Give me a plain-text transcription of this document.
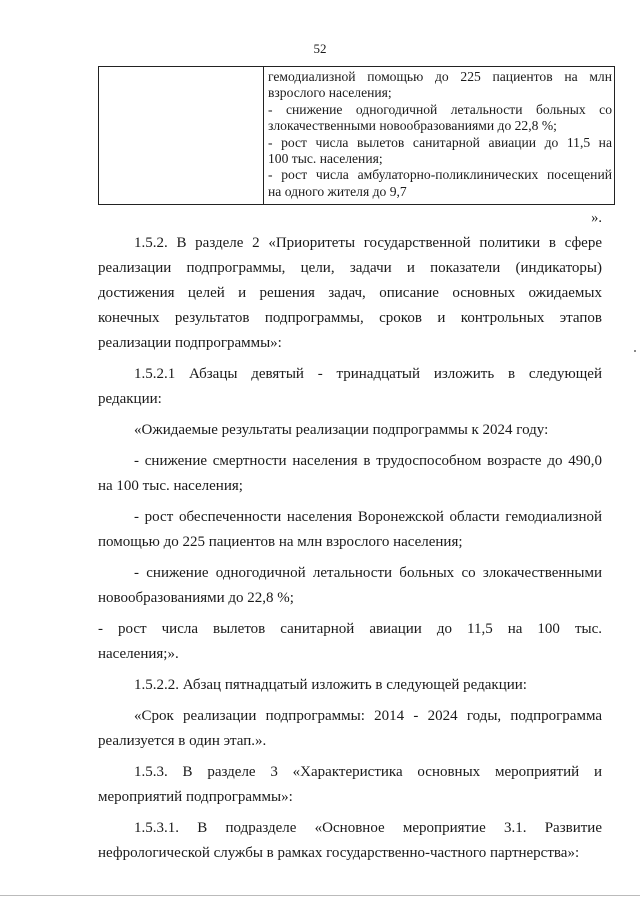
52

гемодиализной помощью до 225 пациентов на млн
взрослого населения;
- снижение одногодичной летальности больных со
злокачественными новообразованиями до 22,8 %;
- рост числа вылетов санитарной авиации до 11,5 на
100 тыс. населения;
- рост числа амбулаторно-поликлинических посещений
на одного жителя до 9,7
».

1.5.2. В разделе 2 «Приоритеты государственной политики в сфере
реализации подпрограммы, цели, задачи и показатели (индикаторы)
достижения целей и решения задач, описание основных ожидаемых
конечных результатов подпрограммы, сроков и контрольных этапов
реализации подпрограммы»:

1.5.2.1 Абзацы девятый - тринадцатый изложить в следующей
редакции:

«Ожидаемые результаты реализации подпрограммы к 2024 году:

- снижение смертности населения в трудоспособном возрасте до 490,0
на 100 тыс. населения;

- рост обеспеченности населения Воронежской области гемодиализной
помощью до 225 пациентов на млн взрослого населения;

- снижение одногодичной летальности больных со злокачественными
новообразованиями до 22,8 %;

- рост числа вылетов санитарной авиации до 11,5 на 100 тыс.
населения;».

1.5.2.2. Абзац пятнадцатый изложить в следующей редакции:

«Срок реализации подпрограммы: 2014 - 2024 годы, подпрограмма
реализуется в один этап.».

1.5.3. В разделе 3 «Характеристика основных мероприятий и
мероприятий подпрограммы»:

1.5.3.1. В подразделе «Основное мероприятие 3.1. Развитие
нефрологической службы в рамках государственно-частного партнерства»:
